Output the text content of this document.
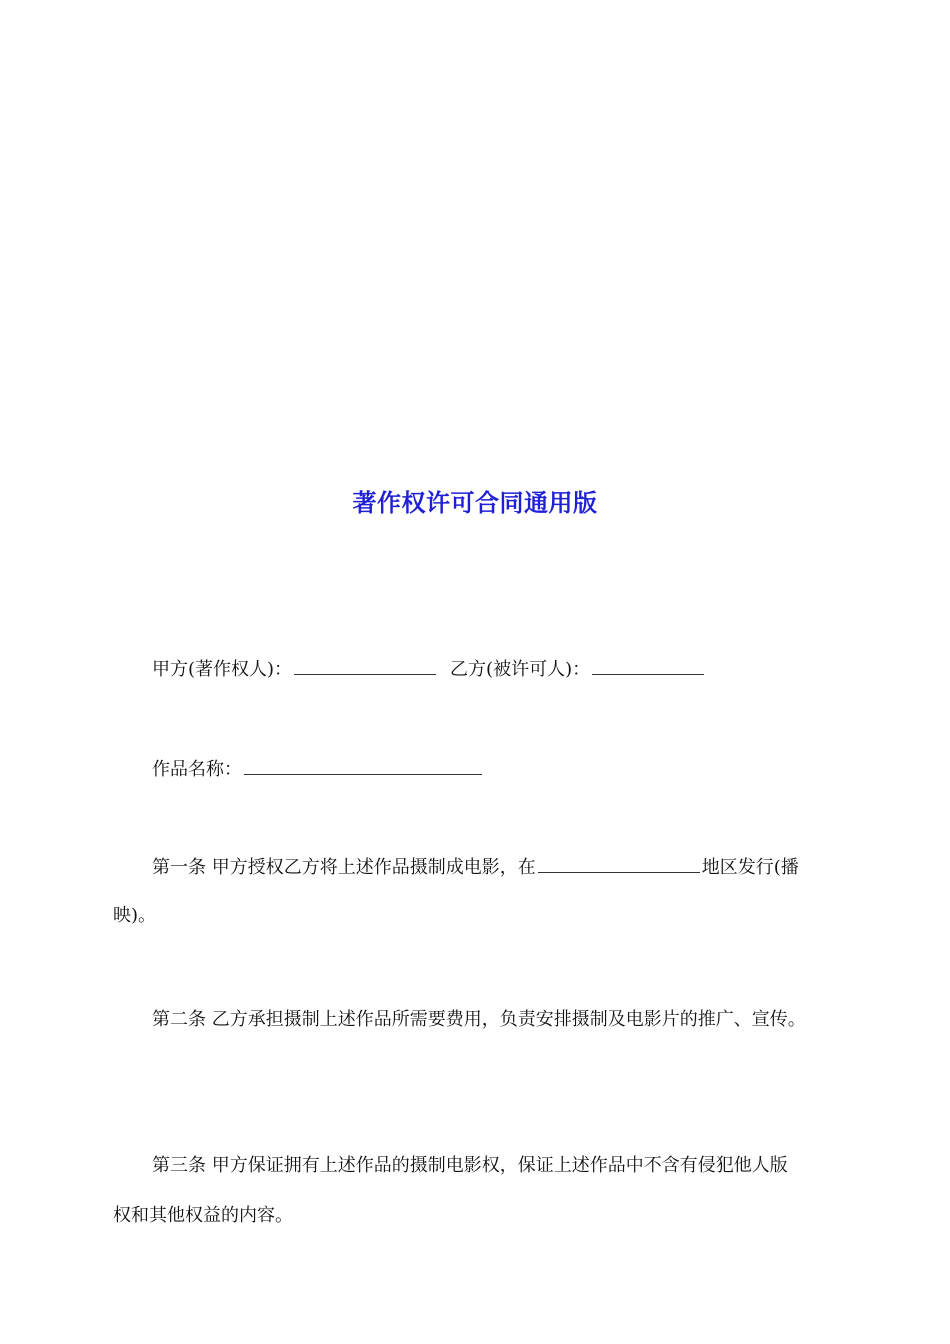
著作权许可合同通用版
甲方(著作权人)：	乙方(被许可人)：
作品名称：
第一条 甲方授权乙方将上述作品摄制成电影，在	地区发行(播
映)。
第二条 乙方承担摄制上述作品所需要费用，负责安排摄制及电影片的推广、宣传。
第三条 甲方保证拥有上述作品的摄制电影权，保证上述作品中不含有侵犯他人版
权和其他权益的内容。
